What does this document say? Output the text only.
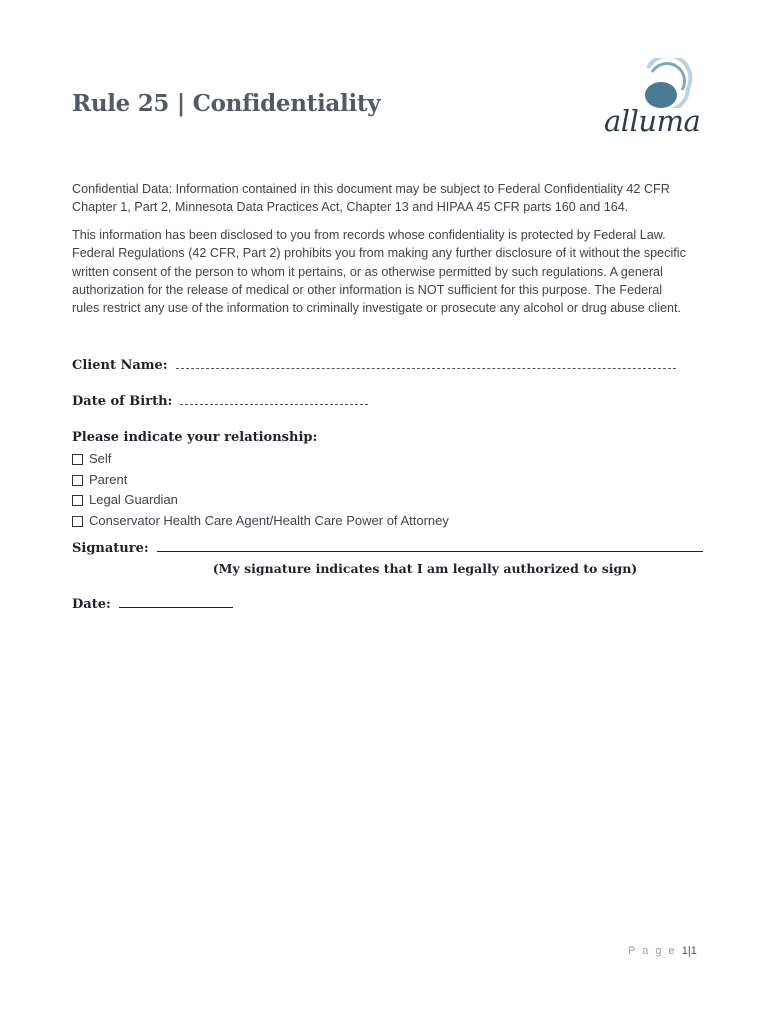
Rule 25 | Confidentiality
alluma
Confidential Data: Information contained in this document may be subject to Federal Confidentiality 42 CFR Chapter 1, Part 2, Minnesota Data Practices Act, Chapter 13 and HIPAA 45 CFR parts 160 and 164.
This information has been disclosed to you from records whose confidentiality is protected by Federal Law. Federal Regulations (42 CFR, Part 2) prohibits you from making any further disclosure of it without the specific written consent of the person to whom it pertains, or as otherwise permitted by such regulations. A general authorization for the release of medical or other information is NOT sufficient for this purpose. The Federal rules restrict any use of the information to criminally investigate or prosecute any alcohol or drug abuse client.
Client Name:
Date of Birth:
Please indicate your relationship:
Self
Parent
Legal Guardian
Conservator Health Care Agent/Health Care Power of Attorney
Signature:
(My signature indicates that I am legally authorized to sign)
Date:
P a g e 1|1
